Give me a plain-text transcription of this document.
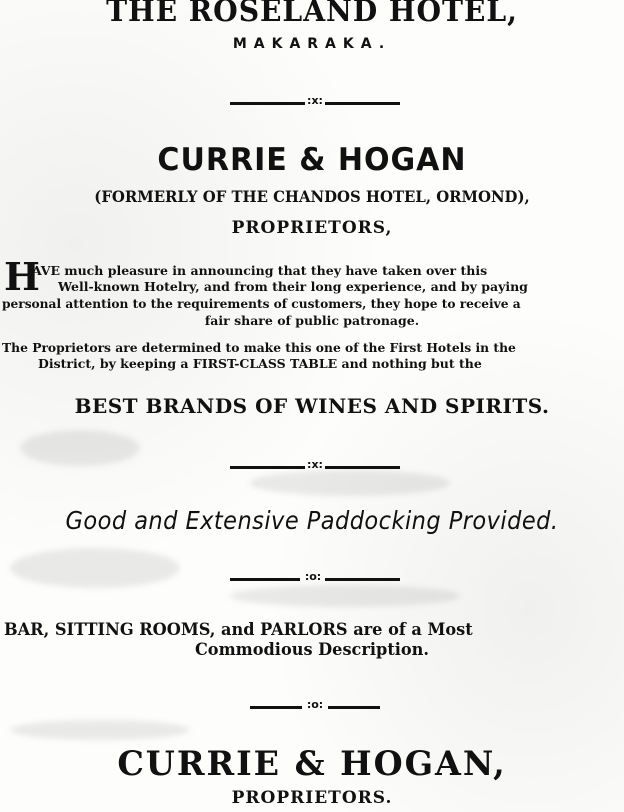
THE ROSELAND HOTEL,
MAKARAKA.
:x:
CURRIE & HOGAN
(FORMERLY OF THE CHANDOS HOTEL, ORMOND),
PROPRIETORS,
H
AVE much pleasure in announcing that they have taken over this
Well-known Hotelry, and from their long experience, and by paying
personal attention to the requirements of customers, they hope to receive a
fair share of public patronage.
The Proprietors are determined to make this one of the First Hotels in the
District, by keeping a FIRST-CLASS TABLE and nothing but the
BEST BRANDS OF WINES AND SPIRITS.
:x:
Good and Extensive Paddocking Provided.
:o:
BAR, SITTING ROOMS, and PARLORS are of a Most
Commodious Description.
:o:
CURRIE & HOGAN,
PROPRIETORS.
